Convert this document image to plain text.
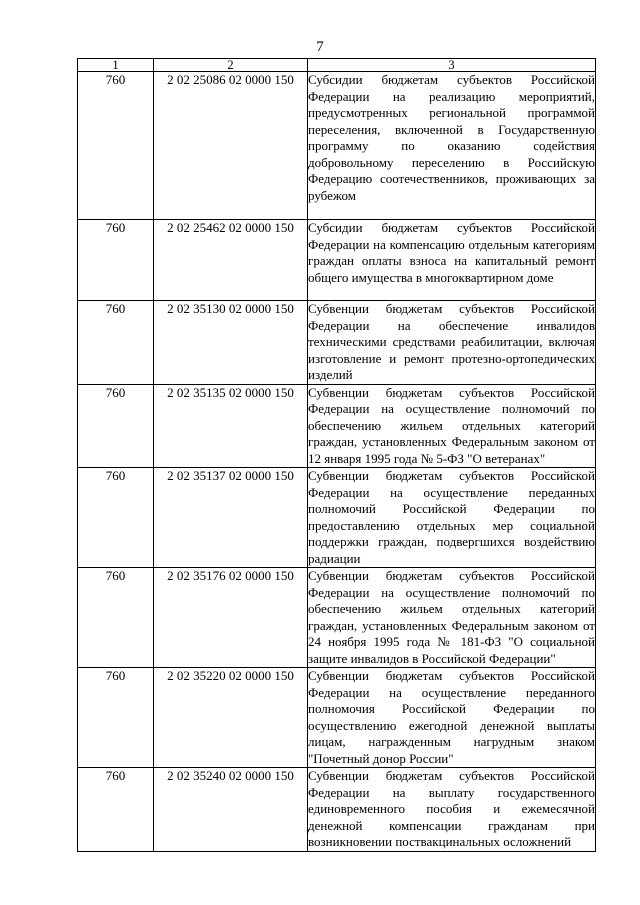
7
1	2	3
760	2 02 25086 02 0000 150	Субсидии бюджетам субъектов Российской Федерации на реализацию мероприятий, предусмотренных региональной программой переселения, включенной в Государственную программу по оказанию содействия добровольному переселению в Российскую Федерацию соотечественников, проживающих за рубежом
760	2 02 25462 02 0000 150	Субсидии бюджетам субъектов Российской Федерации на компенсацию отдельным категориям граждан оплаты взноса на капитальный ремонт общего имущества в многоквартирном доме
760	2 02 35130 02 0000 150	Субвенции бюджетам субъектов Российской Федерации на обеспечение инвалидов техническими средствами реабилитации, включая изготовление и ремонт протезно-ортопедических изделий
760	2 02 35135 02 0000 150	Субвенции бюджетам субъектов Российской Федерации на осуществление полномочий по обеспечению жильем отдельных категорий граждан, установленных Федеральным законом от 12 января 1995 года № 5-ФЗ "О ветеранах"
760	2 02 35137 02 0000 150	Субвенции бюджетам субъектов Российской Федерации на осуществление переданных полномочий Российской Федерации по предоставлению отдельных мер социальной поддержки граждан, подвергшихся воздействию радиации
760	2 02 35176 02 0000 150	Субвенции бюджетам субъектов Российской Федерации на осуществление полномочий по обеспечению жильем отдельных категорий граждан, установленных Федеральным законом от 24 ноября 1995 года № 181-ФЗ "О социальной защите инвалидов в Российской Федерации"
760	2 02 35220 02 0000 150	Субвенции бюджетам субъектов Российской Федерации на осуществление переданного полномочия Российской Федерации по осуществлению ежегодной денежной выплаты лицам, награжденным нагрудным знаком "Почетный донор России"
760	2 02 35240 02 0000 150	Субвенции бюджетам субъектов Российской Федерации на выплату государственного единовременного пособия и ежемесячной денежной компенсации гражданам при возникновении поствакцинальных осложнений
